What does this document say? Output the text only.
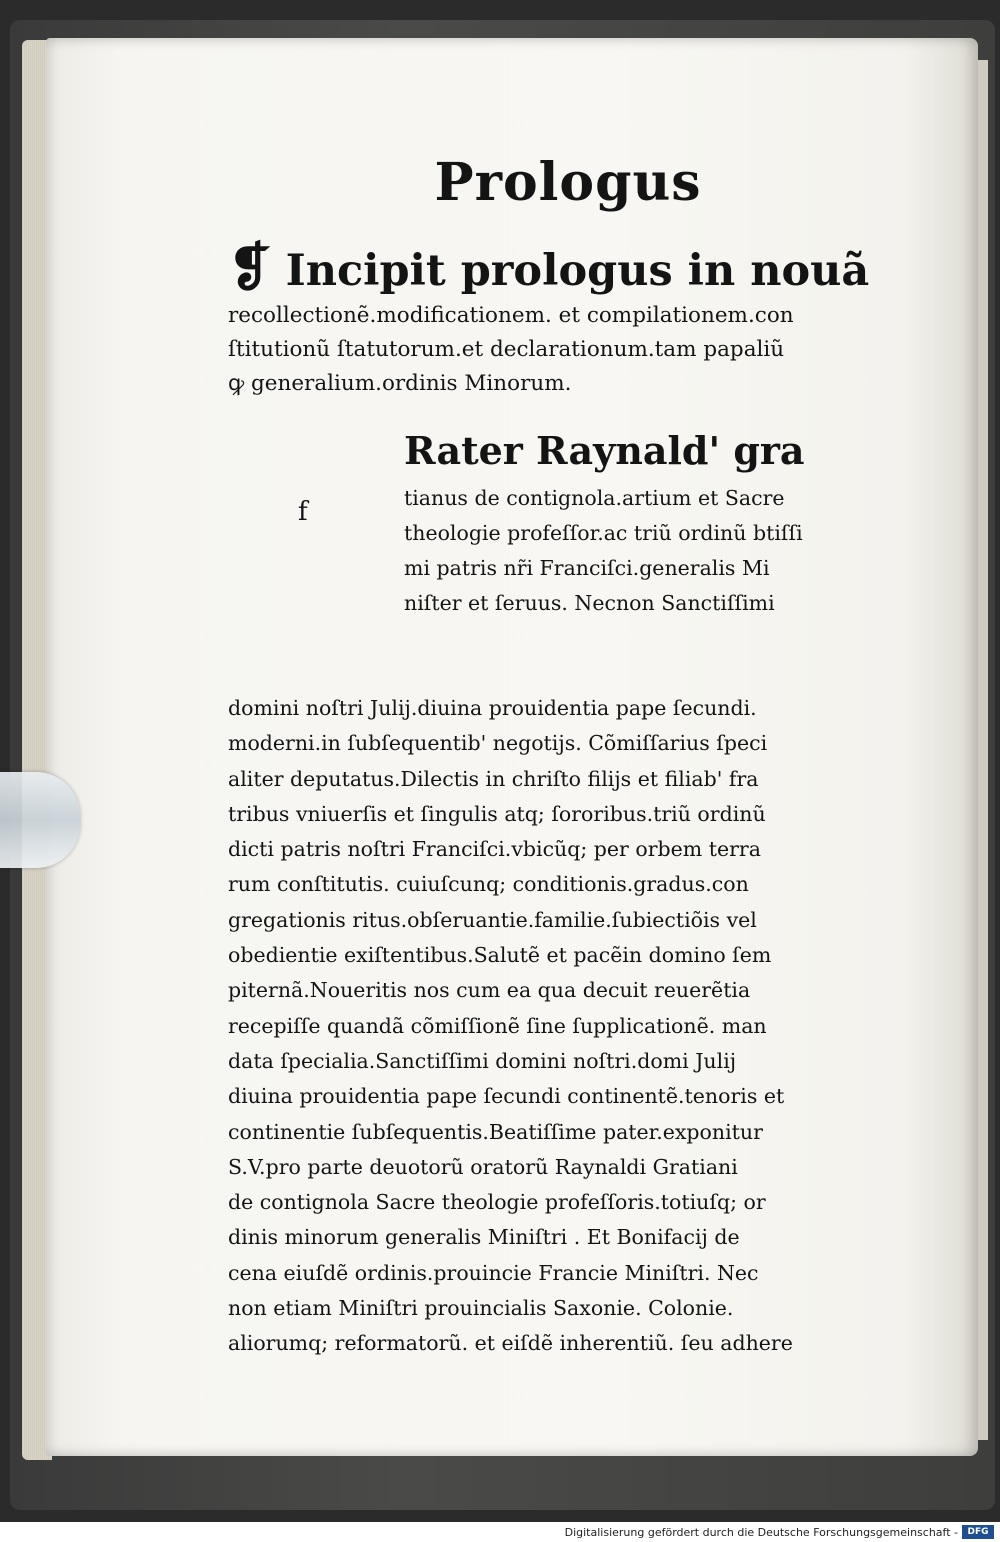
Prologus

❡ Incipit prologus in nouã

recollectionẽ.modificationem. et compilationem.con

ſtitutionũ ſtatutorum.et declarationum.tam papaliũ

ꝙ generalium.ordinis Minorum.

f

Rater Raynald' gra

tianus de contignola.artium et Sacre

theologie profeſſor.ac triũ ordinũ btiſſi

mi patris nr̃i Franciſci.generalis Mi

niſter et ſeruus. Necnon Sanctiſſimi

domini noſtri Julij.diuina prouidentia pape ſecundi.

moderni.in ſubſequentib' negotijs. Cõmiſſarius ſpeci

aliter deputatus.Dilectis in chriſto filijs et filiab' fra

tribus vniuerſis et ſingulis atq; ſororibus.triũ ordinũ

dicti patris noſtri Franciſci.vbicũq; per orbem terra

rum conſtitutis. cuiuſcunq; conditionis.gradus.con

gregationis ritus.obſeruantie.familie.ſubiectiõis vel

obedientie exiſtentibus.Salutẽ et pacẽin domino ſem

piternã.Noueritis nos cum ea qua decuit reuerẽtia

recepiſſe quandã cõmiſſionẽ ſine ſupplicationẽ. man

data ſpecialia.Sanctiſſimi domini noſtri.domi Julij

diuina prouidentia pape ſecundi continentẽ.tenoris et

continentie ſubſequentis.Beatiſſime pater.exponitur

S.V.pro parte deuotorũ oratorũ Raynaldi Gratiani

de contignola Sacre theologie profeſſoris.totiuſq; or

dinis minorum generalis Miniſtri . Et Bonifacij de

cena eiuſdẽ ordinis.prouincie Francie Miniſtri. Nec

non etiam Miniſtri prouincialis Saxonie. Colonie.

aliorumq; reformatorũ. et eiſdẽ inherentiũ. ſeu adhere

Digitalisierung gefördert durch die Deutsche Forschungsgemeinschaft -	DFG
